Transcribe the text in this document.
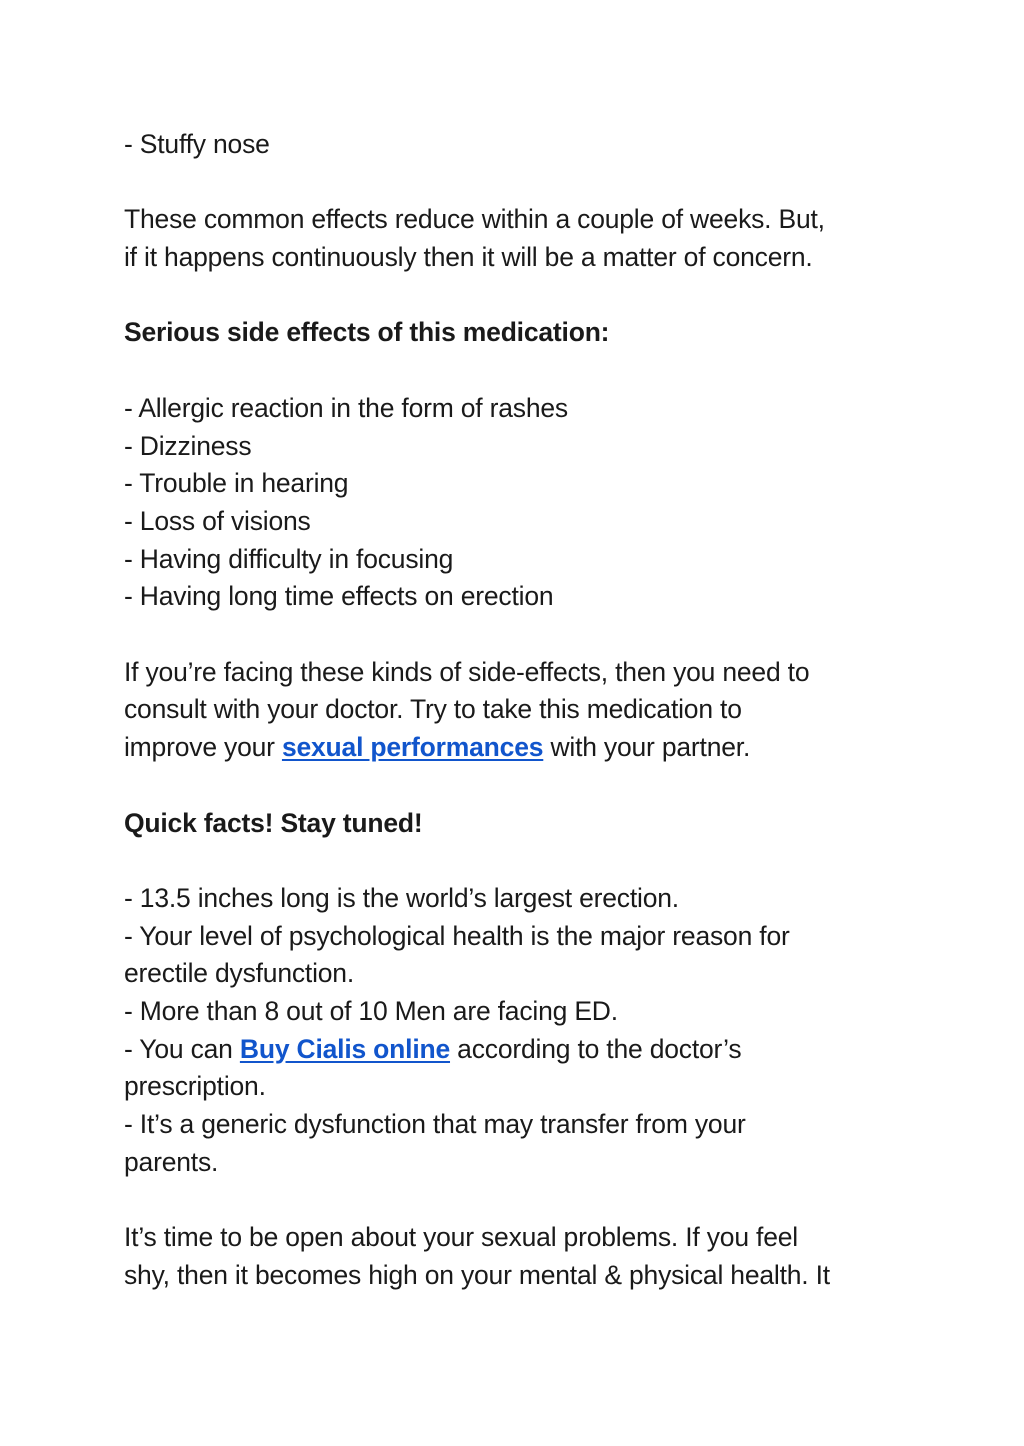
- Stuffy nose
These common effects reduce within a couple of weeks. But,
if it happens continuously then it will be a matter of concern.
Serious side effects of this medication:
- Allergic reaction in the form of rashes
- Dizziness
- Trouble in hearing
- Loss of visions
- Having difficulty in focusing
- Having long time effects on erection
If you’re facing these kinds of side-effects, then you need to
consult with your doctor. Try to take this medication to
improve your sexual performances with your partner.
Quick facts! Stay tuned!
- 13.5 inches long is the world’s largest erection.
- Your level of psychological health is the major reason for
erectile dysfunction.
- More than 8 out of 10 Men are facing ED.
- You can Buy Cialis online according to the doctor’s
prescription.
- It’s a generic dysfunction that may transfer from your
parents.
It’s time to be open about your sexual problems. If you feel
shy, then it becomes high on your mental & physical health. It
